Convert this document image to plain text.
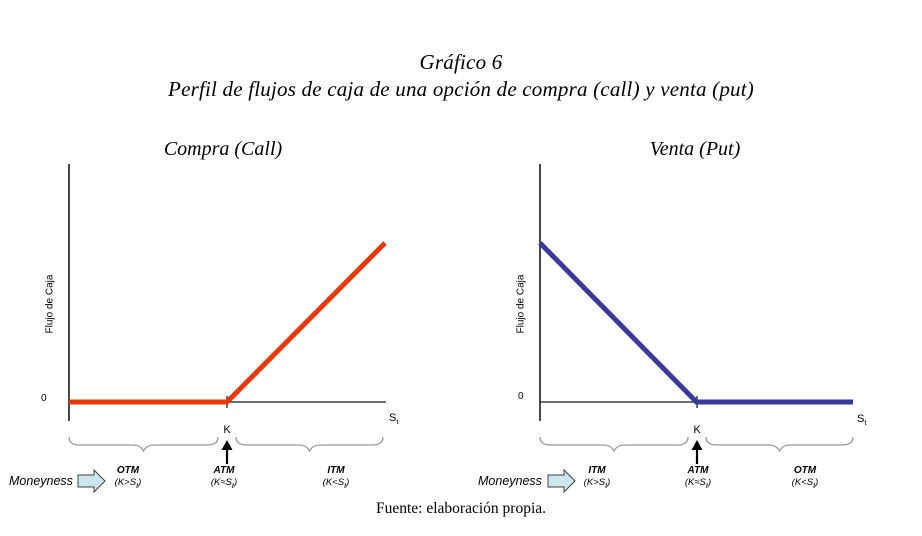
Gráfico 6
Perfil de flujos de caja de una opción de compra (call) y venta (put)
Compra (Call)	Venta (Put)
Flujo de Caja
0
K
$S_t$
Moneyness
OTM
$(K>S_t)$
ATM
$(K\approx S_t)$
ITM
$(K<S_t)$
Flujo de Caja
0
K
$S_t$
Moneyness
ITM
$(K>S_t)$
ATM
$(K\approx S_t)$
OTM
$(K<S_t)$
Fuente: elaboración propia.
